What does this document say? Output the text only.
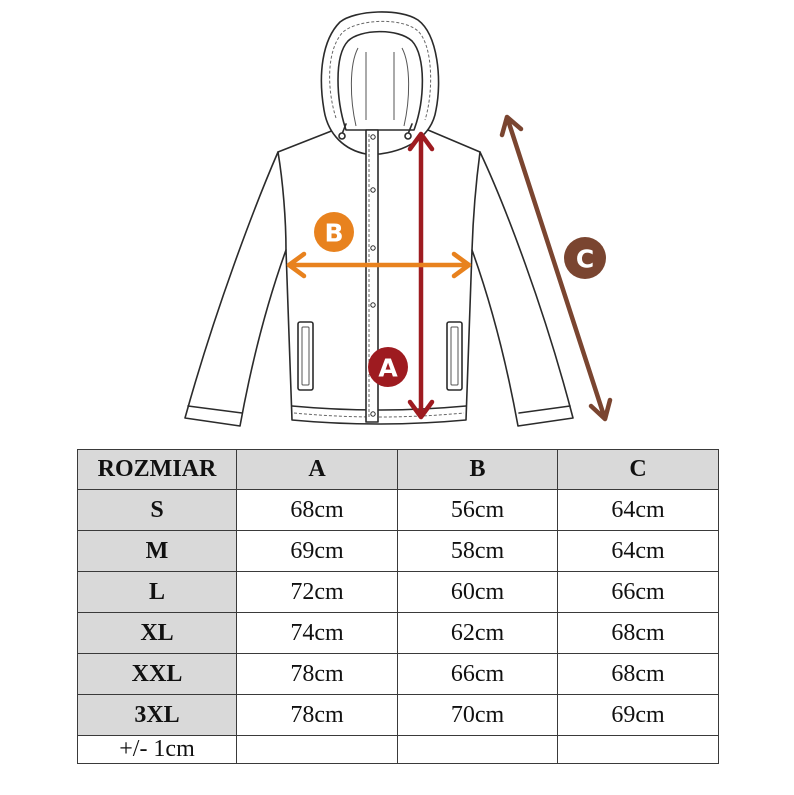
A
B
C
ROZMIAR	A	B	C
S	68cm	56cm	64cm
M	69cm	58cm	64cm
L	72cm	60cm	66cm
XL	74cm	62cm	68cm
XXL	78cm	66cm	68cm
3XL	78cm	70cm	69cm
+/- 1cm			
